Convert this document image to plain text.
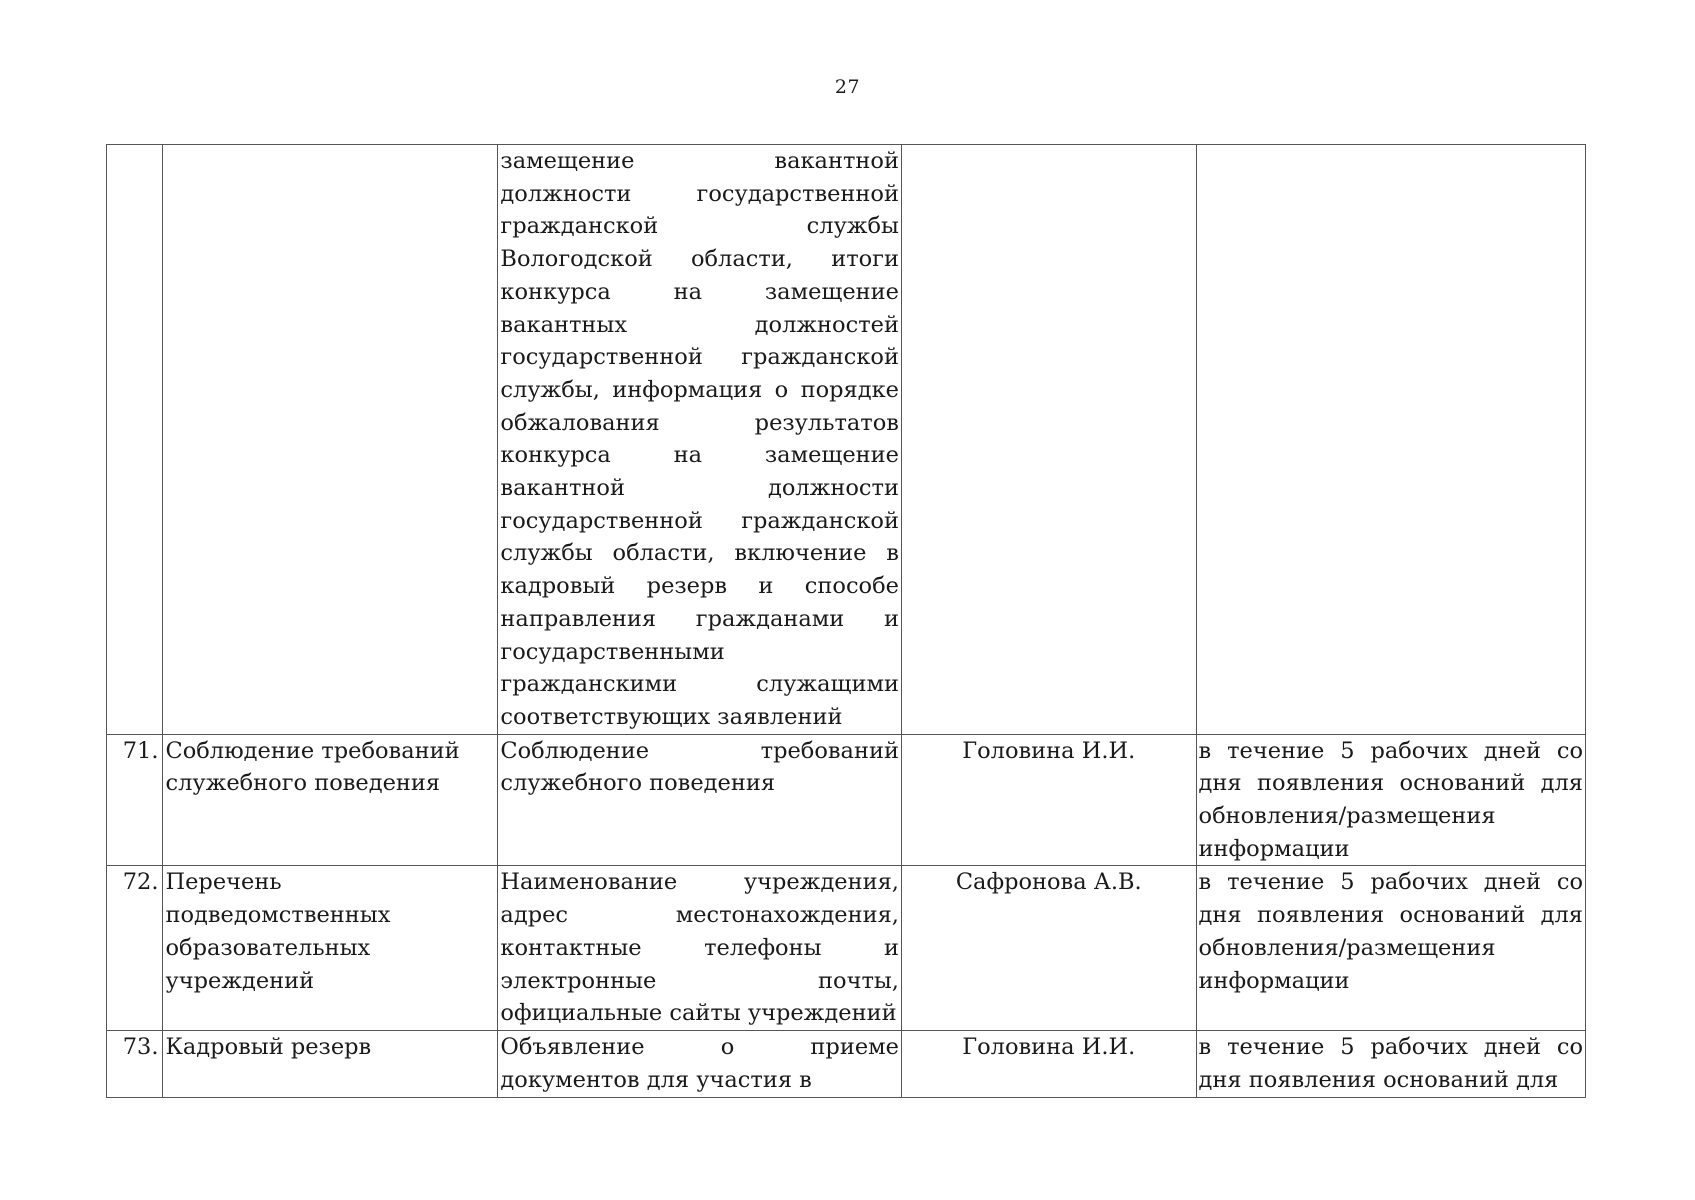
27
		замещение вакантной должности государственной гражданской службы Вологодской области, итоги конкурса на замещение вакантных должностей государственной гражданской службы, информация о порядке обжалования результатов конкурса на замещение вакантной должности государственной гражданской службы области, включение в кадровый резерв и способе направления гражданами и государственными гражданскими служащими соответствующих заявлений		
71.	Соблюдение требований служебного поведения	Соблюдение требований служебного поведения	Головина И.И.	в течение 5 рабочих дней со дня появления оснований для обновления/размещения информации
72.	Перечень подведомственных образовательных учреждений	Наименование учреждения, адрес местонахождения, контактные телефоны и электронные почты, официальные сайты учреждений	Сафронова А.В.	в течение 5 рабочих дней со дня появления оснований для обновления/размещения информации
73.	Кадровый резерв	Объявление о приеме документов для участия в	Головина И.И.	в течение 5 рабочих дней со дня появления оснований для
